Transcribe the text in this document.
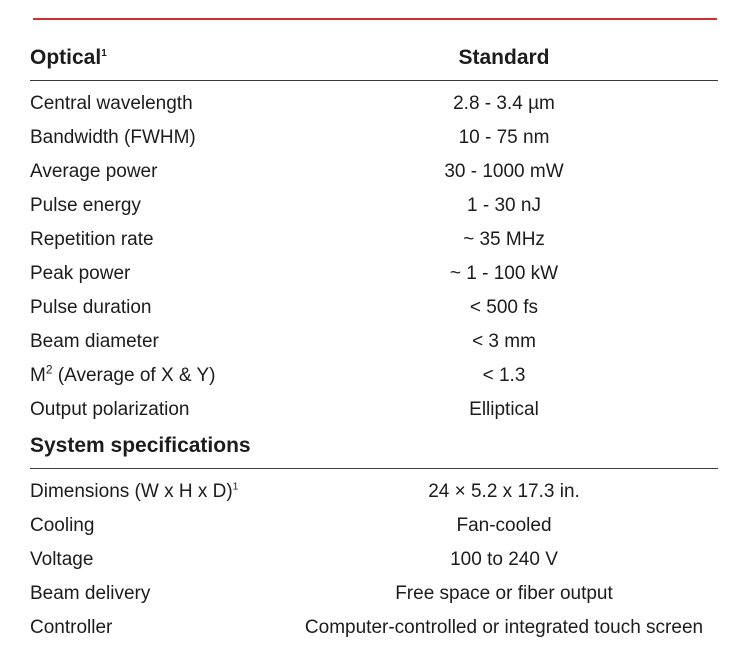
Optical$^1$	Standard
Central wavelength	2.8 - 3.4 µm
Bandwidth (FWHM)	10 - 75 nm
Average power	30 - 1000 mW
Pulse energy	1 - 30 nJ
Repetition rate	~ 35 MHz
Peak power	~ 1 - 100 kW
Pulse duration	< 500 fs
Beam diameter	< 3 mm
$M^2$ (Average of X & Y)	< 1.3
Output polarization	Elliptical
System specifications
Dimensions (W x H x D)$^1$	24 × 5.2 x 17.3 in.
Cooling	Fan-cooled
Voltage	100 to 240 V
Beam delivery	Free space or fiber output
Controller	Computer-controlled or integrated touch screen
